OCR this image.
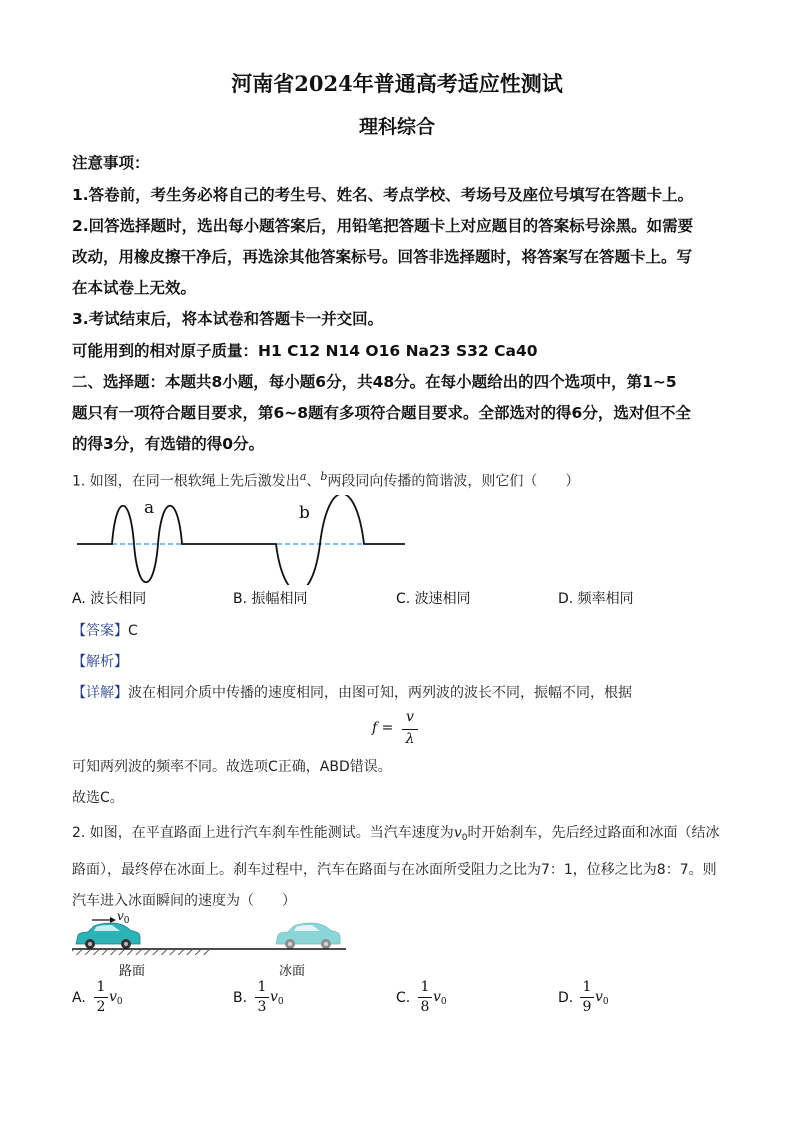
河南省2024年普通高考适应性测试
理科综合
注意事项：
1.答卷前，考生务必将自己的考生号、姓名、考点学校、考场号及座位号填写在答题卡上。
2.回答选择题时，选出每小题答案后，用铅笔把答题卡上对应题目的答案标号涂黑。如需要
改动，用橡皮擦干净后，再选涂其他答案标号。回答非选择题时，将答案写在答题卡上。写
在本试卷上无效。
3.考试结束后，将本试卷和答题卡一并交回。
可能用到的相对原子质量：H1 C12 N14 O16 Na23 S32 Ca40
二、选择题：本题共8小题，每小题6分，共48分。在每小题给出的四个选项中，第1~5
题只有一项符合题目要求，第6~8题有多项符合题目要求。全部选对的得6分，选对但不全
的得3分，有选错的得0分。
1. 如图，在同一根软绳上先后激发出$^a$、$^b$两段同向传播的简谐波，则它们（　　）
a	b
A. 波长相同	B. 振幅相同	C. 波速相同	D. 频率相同
【答案】C
【解析】
【详解】波在相同介质中传播的速度相同，由图可知，两列波的波长不同，振幅不同，根据
f =
v
λ
可知两列波的频率不同。故选项C正确，ABD错误。
故选C。
2. 如图，在平直路面上进行汽车刹车性能测试。当汽车速度为$v_0$时开始刹车，先后经过路面和冰面（结冰
路面），最终停在冰面上。刹车过程中，汽车在路面与在冰面所受阻力之比为7：1，位移之比为8：7。则
汽车进入冰面瞬间的速度为（　　）
$v_0$
路面	冰面
A.
1
2
$v_0$	B.
1
3
$v_0$	C.
1
8
$v_0$	D.
1
9
$v_0$
